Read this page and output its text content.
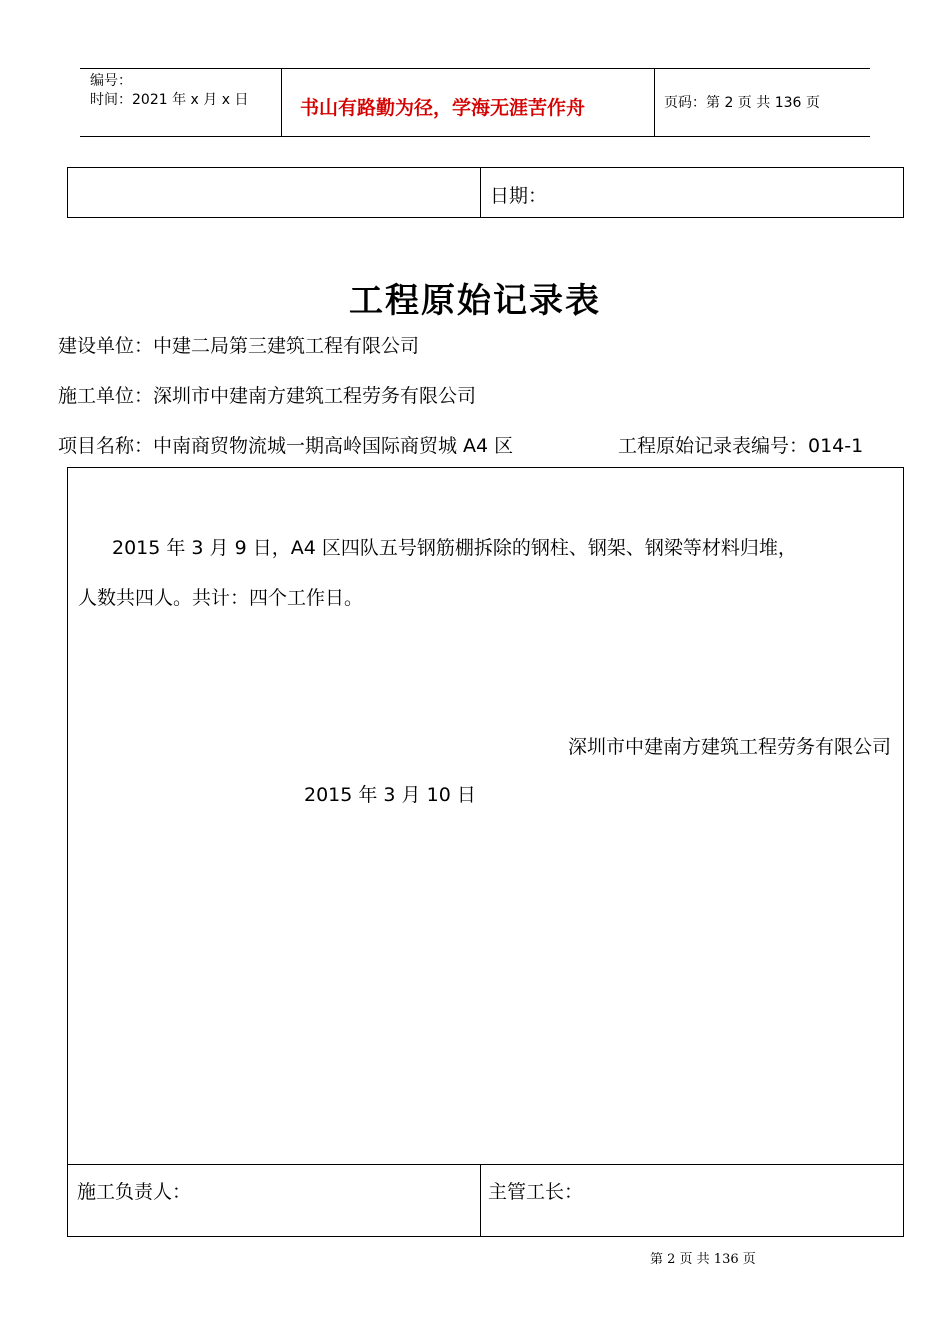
编号：
时间：2021 年 x 月 x 日	书山有路勤为径，学海无涯苦作舟	页码：第 2 页 共 136 页
日期：
工程原始记录表
建设单位：中建二局第三建筑工程有限公司
施工单位：深圳市中建南方建筑工程劳务有限公司
项目名称：中南商贸物流城一期高岭国际商贸城 A4 区	工程原始记录表编号：014-1
2015 年 3 月 9 日，A4 区四队五号钢筋棚拆除的钢柱、钢架、钢梁等材料归堆，
人数共四人。共计：四个工作日。
深圳市中建南方建筑工程劳务有限公司
2015 年 3 月 10 日
施工负责人：	主管工长：
第 2 页 共 136 页
